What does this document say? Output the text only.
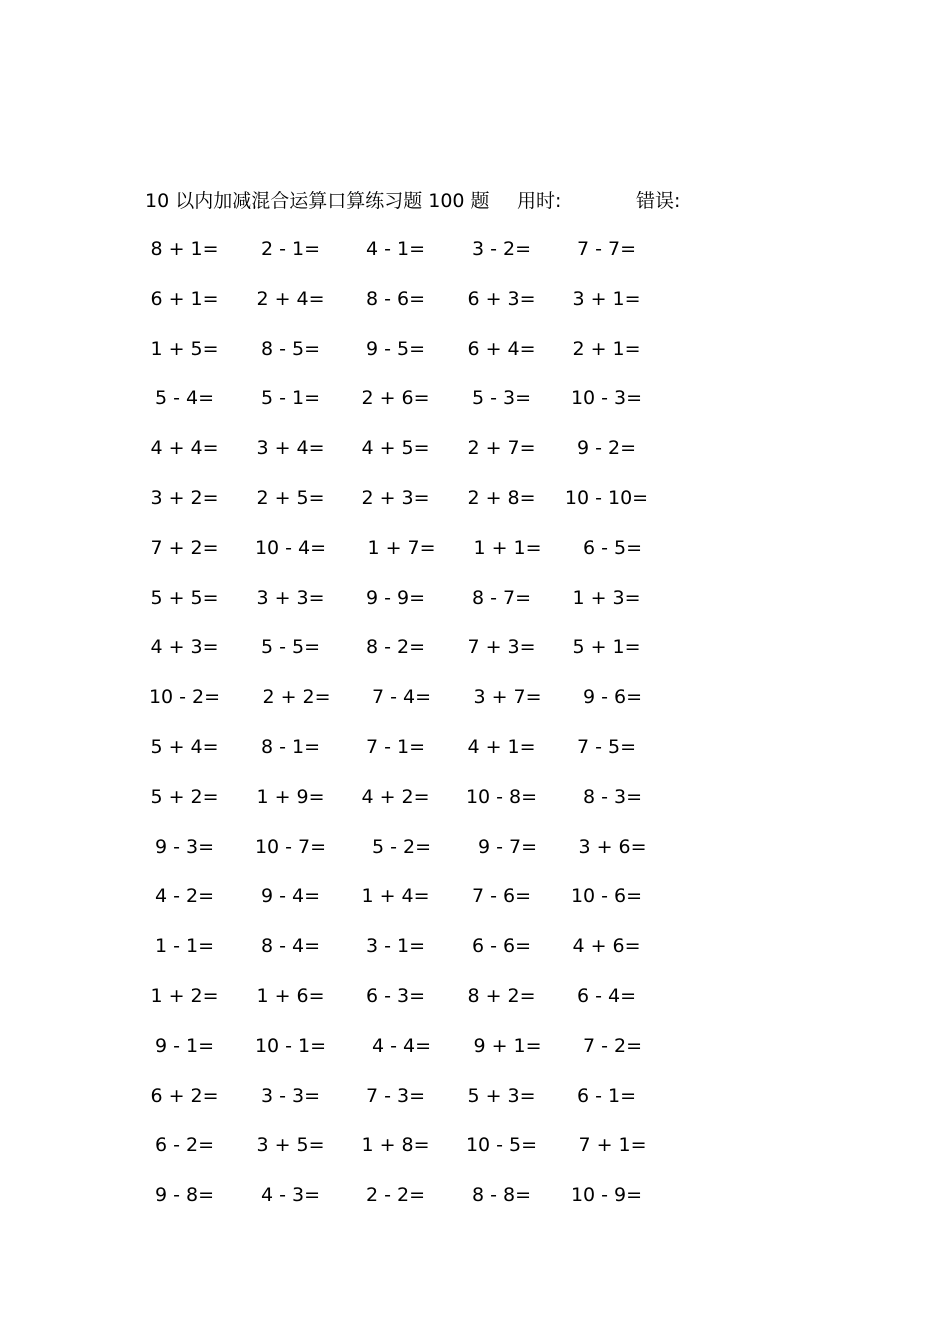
10 以内加减混合运算口算练习题 100 题 用时:	错误:
8 + 1=	2 - 1=	4 - 1=	3 - 2=	7 - 7=
6 + 1=	2 + 4=	8 - 6=	6 + 3=	3 + 1=
1 + 5=	8 - 5=	9 - 5=	6 + 4=	2 + 1=
5 - 4=	5 - 1=	2 + 6=	5 - 3=	10 - 3=
4 + 4=	3 + 4=	4 + 5=	2 + 7=	9 - 2=
3 + 2=	2 + 5=	2 + 3=	2 + 8=	10 - 10=
7 + 2=	10 - 4=	1 + 7=	1 + 1=	6 - 5=
5 + 5=	3 + 3=	9 - 9=	8 - 7=	1 + 3=
4 + 3=	5 - 5=	8 - 2=	7 + 3=	5 + 1=
10 - 2=	2 + 2=	7 - 4=	3 + 7=	9 - 6=
5 + 4=	8 - 1=	7 - 1=	4 + 1=	7 - 5=
5 + 2=	1 + 9=	4 + 2=	10 - 8=	8 - 3=
9 - 3=	10 - 7=	5 - 2=	9 - 7=	3 + 6=
4 - 2=	9 - 4=	1 + 4=	7 - 6=	10 - 6=
1 - 1=	8 - 4=	3 - 1=	6 - 6=	4 + 6=
1 + 2=	1 + 6=	6 - 3=	8 + 2=	6 - 4=
9 - 1=	10 - 1=	4 - 4=	9 + 1=	7 - 2=
6 + 2=	3 - 3=	7 - 3=	5 + 3=	6 - 1=
6 - 2=	3 + 5=	1 + 8=	10 - 5=	7 + 1=
9 - 8=	4 - 3=	2 - 2=	8 - 8=	10 - 9=
